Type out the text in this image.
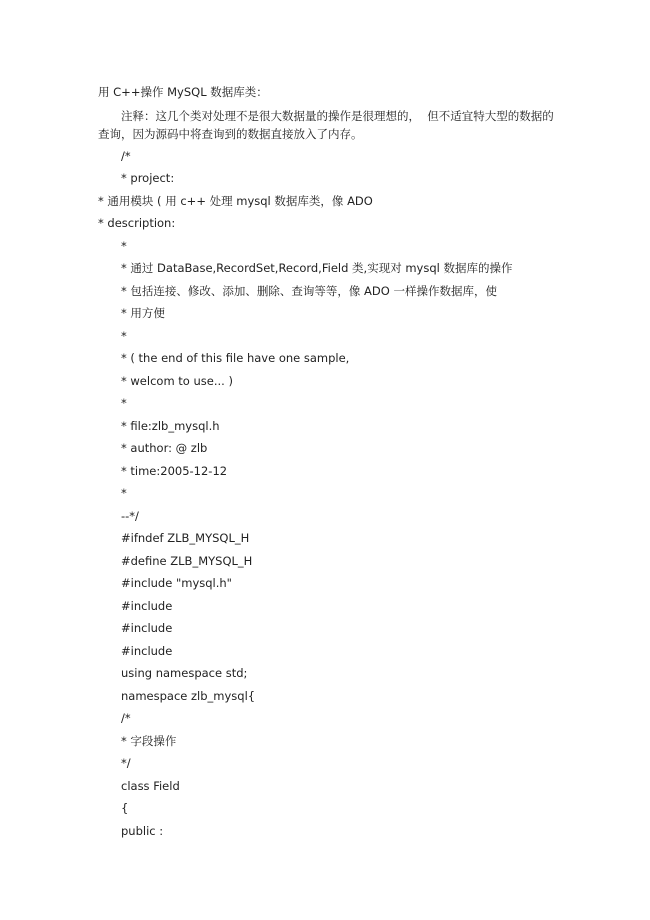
用 C++操作 MySQL 数据库类：
注释：这几个类对处理不是很大数据量的操作是很理想的，  但不适宜特大型的数据的
查询，因为源码中将查询到的数据直接放入了内存。
/*
* project:
* 通用模块 ( 用 c++ 处理 mysql 数据库类，像 ADO
* description:
*
* 通过 DataBase,RecordSet,Record,Field 类,实现对 mysql 数据库的操作
* 包括连接、修改、添加、删除、查询等等，像 ADO 一样操作数据库，使
* 用方便
*
* ( the end of this file have one sample,
* welcom to use... )
*
* file:zlb_mysql.h
* author: @ zlb
* time:2005-12-12
*
--*/
#ifndef ZLB_MYSQL_H
#define ZLB_MYSQL_H
#include "mysql.h"
#include
#include
#include
using namespace std;
namespace zlb_mysql{
/*
* 字段操作
*/
class Field
{
public :
